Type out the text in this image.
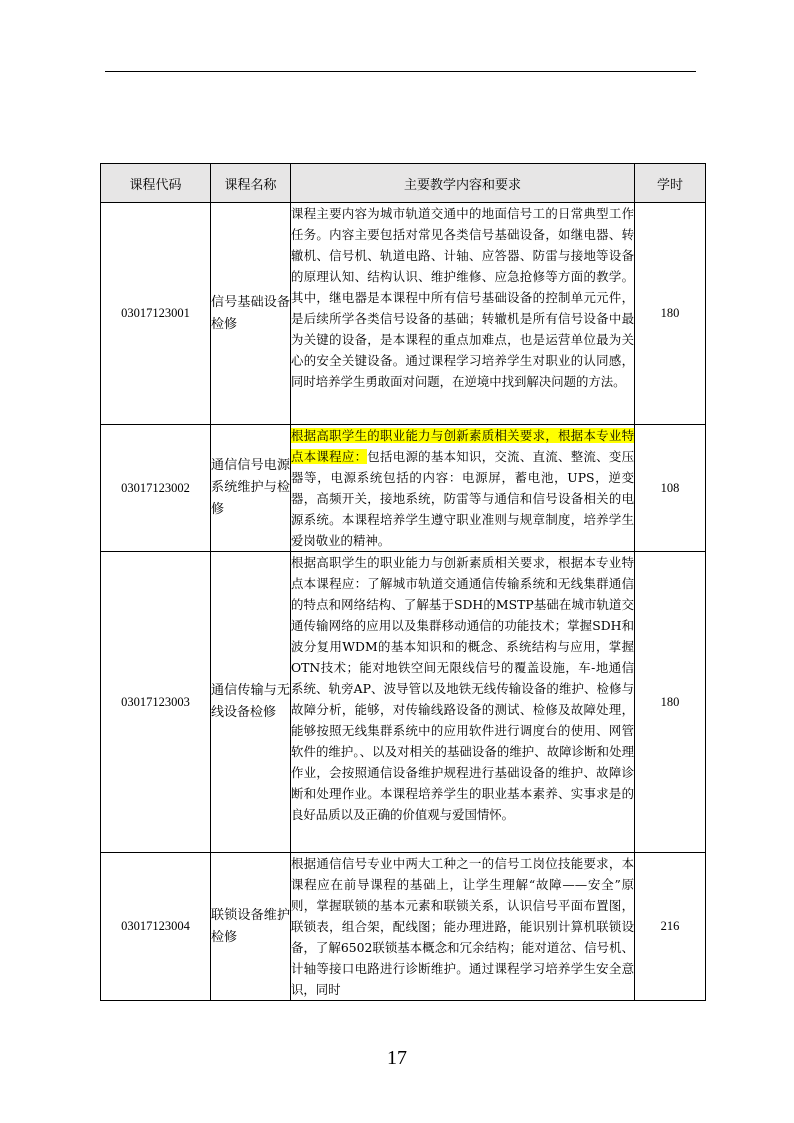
课程代码	课程名称	主要教学内容和要求	学时
03017123001	信号基础设备检修	课程主要内容为城市轨道交通中的地面信号工的日常典型工作任务。内容主要包括对常见各类信号基础设备，如继电器、转辙机、信号机、轨道电路、计轴、应答器、防雷与接地等设备的原理认知、结构认识、维护维修、应急抢修等方面的教学。其中，继电器是本课程中所有信号基础设备的控制单元元件，是后续所学各类信号设备的基础；转辙机是所有信号设备中最为关键的设备，是本课程的重点加难点，也是运营单位最为关心的安全关键设备。通过课程学习培养学生对职业的认同感，同时培养学生勇敢面对问题，在逆境中找到解决问题的方法。	180
03017123002	通信信号电源系统维护与检修	根据高职学生的职业能力与创新素质相关要求，根据本专业特点本课程应：包括电源的基本知识，交流、直流、整流、变压器等，电源系统包括的内容：电源屏，蓄电池，UPS，逆变器，高频开关，接地系统，防雷等与通信和信号设备相关的电源系统。本课程培养学生遵守职业准则与规章制度，培养学生爱岗敬业的精神。	108
03017123003	通信传输与无线设备检修	根据高职学生的职业能力与创新素质相关要求，根据本专业特点本课程应：了解城市轨道交通通信传输系统和无线集群通信的特点和网络结构、了解基于SDH的MSTP基础在城市轨道交通传输网络的应用以及集群移动通信的功能技术；掌握SDH和波分复用WDM的基本知识和的概念、系统结构与应用，掌握OTN技术；能对地铁空间无限线信号的覆盖设施，车-地通信系统、轨旁AP、波导管以及地铁无线传输设备的维护、检修与故障分析，能够，对传输线路设备的测试、检修及故障处理，能够按照无线集群系统中的应用软件进行调度台的使用、网管软件的维护。、以及对相关的基础设备的维护、故障诊断和处理作业，会按照通信设备维护规程进行基础设备的维护、故障诊断和处理作业。本课程培养学生的职业基本素养、实事求是的良好品质以及正确的价值观与爱国情怀。	180
03017123004	联锁设备维护检修	根据通信信号专业中两大工种之一的信号工岗位技能要求，本课程应在前导课程的基础上，让学生理解“故障——安全”原则，掌握联锁的基本元素和联锁关系，认识信号平面布置图，联锁表，组合架，配线图；能办理进路，能识别计算机联锁设备，了解6502联锁基本概念和冗余结构；能对道岔、信号机、计轴等接口电路进行诊断维护。通过课程学习培养学生安全意识，同时	216
17
